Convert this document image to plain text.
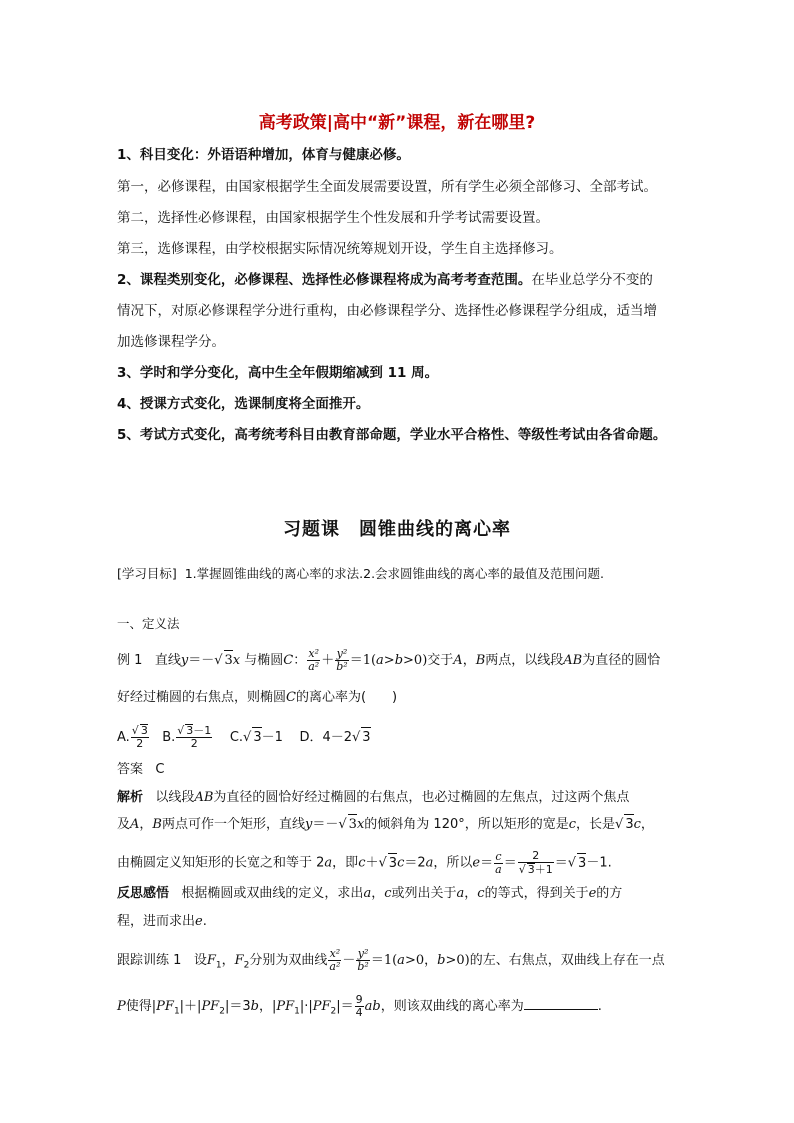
高考政策|高中“新”课程，新在哪里?
1、科目变化：外语语种增加，体育与健康必修。
第一，必修课程，由国家根据学生全面发展需要设置，所有学生必须全部修习、全部考试。
第二，选择性必修课程，由国家根据学生个性发展和升学考试需要设置。
第三，选修课程，由学校根据实际情况统筹规划开设，学生自主选择修习。
2、课程类别变化，必修课程、选择性必修课程将成为高考考查范围。在毕业总学分不变的
情况下，对原必修课程学分进行重构，由必修课程学分、选择性必修课程学分组成，适当增
加选修课程学分。
3、学时和学分变化，高中生全年假期缩减到 11 周。
4、授课方式变化，选课制度将全面推开。
5、考试方式变化，高考统考科目由教育部命题，学业水平合格性、等级性考试由各省命题。
习题课　圆锥曲线的离心率
[学习目标] 1.掌握圆锥曲线的离心率的求法.2.会求圆锥曲线的离心率的最值及范围问题.
一、定义法
例 1 直线y＝－√ 3x 与椭圆C： $\frac{\text{x²}}{\text{a²}} + \frac{\text{y²}}{\text{b²}} =1(a>b>0)$交于A，B两点，以线段AB为直径的圆恰
好经过椭圆的右焦点，则椭圆C的离心率为(　　)
A. $\frac{√ 3}{2} B$. $\frac{√ 3-1}{2} C.√$ 3－1 D．4－2√ 3
答案 C
解析 以线段AB为直径的圆恰好经过椭圆的右焦点，也必过椭圆的左焦点，过这两个焦点
及A，B两点可作一个矩形，直线y＝－√ 3x的倾斜角为 120°，所以矩形的宽是c，长是√ 3c，
由椭圆定义知矩形的长宽之和等于 2a，即c＋√ 3c＝2a，所以$e= \frac{c}{a} = \frac{2}{√ 3+1}$ ＝√ 3－1.
反思感悟 根据椭圆或双曲线的定义，求出a，c或列出关于a，c的等式，得到关于e的方
程，进而求出e.
跟踪训练 1 设$F_1$，$F_2$分别为双曲线 $\frac{\text{x²}}{\text{a²}} - \frac{\text{y²}}{\text{b²}} =1(a>0$，b>0)的左、右焦点，双曲线上存在一点
P使得$|PF_1|+|PF_2|=3b$，$|PF_1|\cdot|PF_2|= \frac{9}{4}$ ab，则该双曲线的离心率为	.
